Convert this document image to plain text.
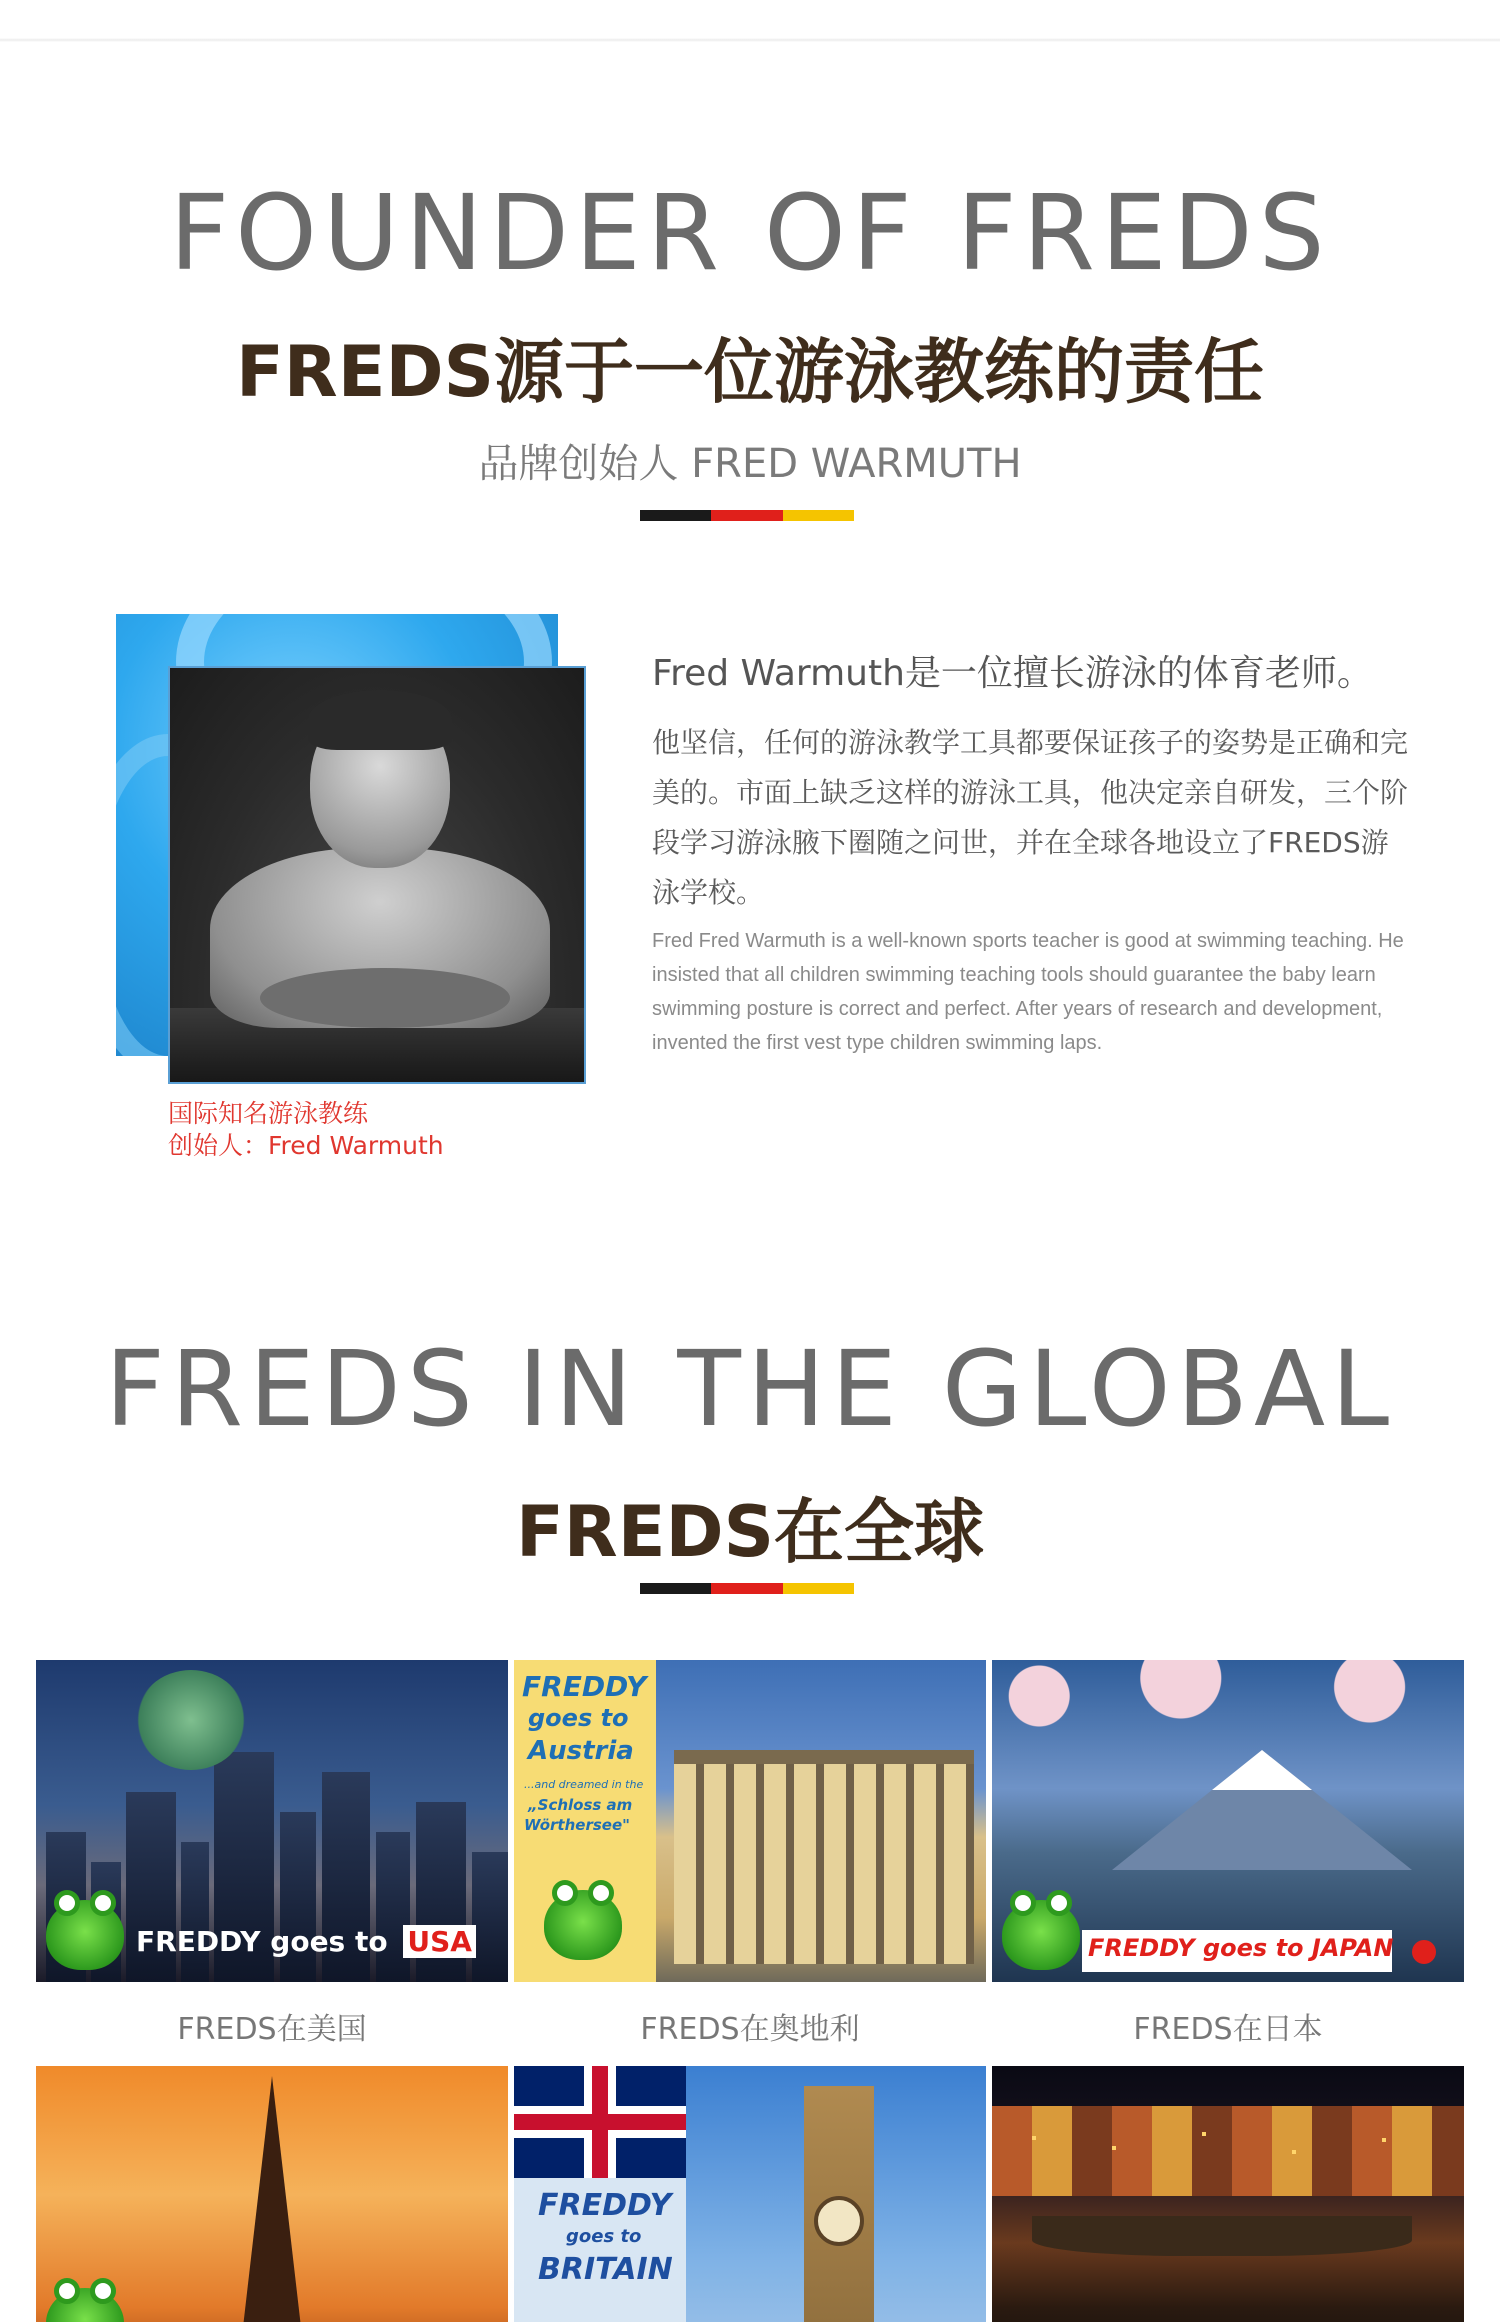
FOUNDER OF FREDS
FREDS源于一位游泳教练的责任

品牌创始人 FRED WARMUTH

国际知名游泳教练

创始人：Fred Warmuth

Fred Warmuth是一位擅长游泳的体育老师。

他坚信，任何的游泳教学工具都要保证孩子的姿势是正确和完美的。市面上缺乏这样的游泳工具，他决定亲自研发，三个阶段学习游泳腋下圈随之问世，并在全球各地设立了FREDS游泳学校。

Fred Fred Warmuth is a well-known sports teacher is good at swimming teaching. He insisted that all children swimming teaching tools should guarantee the baby learn swimming posture is correct and perfect. After years of research and development, invented the first vest type children swimming laps.

FREDS IN THE GLOBAL
FREDS在全球

FREDDY goes to USA

FREDS在美国

FREDDY

goes to

Austria

...and dreamed in the

„Schloss am

Wörthersee"

FREDS在奥地利

FREDDY goes to JAPAN

FREDS在日本

FREDDY

goes to

BRITAIN
